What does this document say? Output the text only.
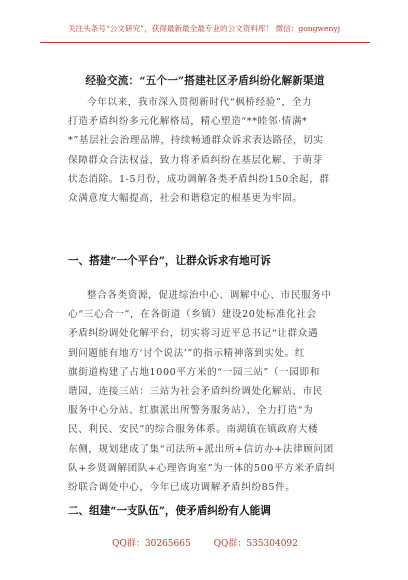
关注头条号“公文研究”，获得最新最全最专业的公文资料库！ 微信：gongwenyj
经验交流：“五个一”搭建社区矛盾纠纷化解新渠道
今年以来，我市深入贯彻新时代“枫桥经验”，全力
打造矛盾纠纷多元化解格局，精心塑造“**睦邻·情满*
*”基层社会治理品牌，持续畅通群众诉求表达路径，切实
保障群众合法权益，致力将矛盾纠纷在基层化解、于萌芽
状态消除。1-5月份，成功调解各类矛盾纠纷150余起，群
众满意度大幅提高，社会和谐稳定的根基更为牢固。
一、搭建“一个平台”，让群众诉求有地可诉
整合各类资源，促进综治中心、调解中心、市民服务中
心“三心合一”，在各街道（乡镇）建设20处标准化社会
矛盾纠纷调处化解平台，切实将习近平总书记“让群众遇
到问题能有地方‘讨个说法’”的指示精神落到实处。红
旗街道构建了占地1000平方米的“一园三站”（一园即和
谐园，连接三站：三站为社会矛盾纠纷调处化解站、市民
服务中心分站、红旗派出所警务服务站），全力打造“为
民、利民、安民”的综合服务体系。南湖镇在镇政府大楼
东侧，规划建成了集“司法所+派出所+信访办+法律顾问团
队+乡贤调解团队+心理咨询室”为一体的500平方米矛盾纠
纷联合调处中心，今年已成功调解矛盾纠纷85件。
二、组建“一支队伍”，使矛盾纠纷有人能调
QQ群：30265665	QQ群：535304092
